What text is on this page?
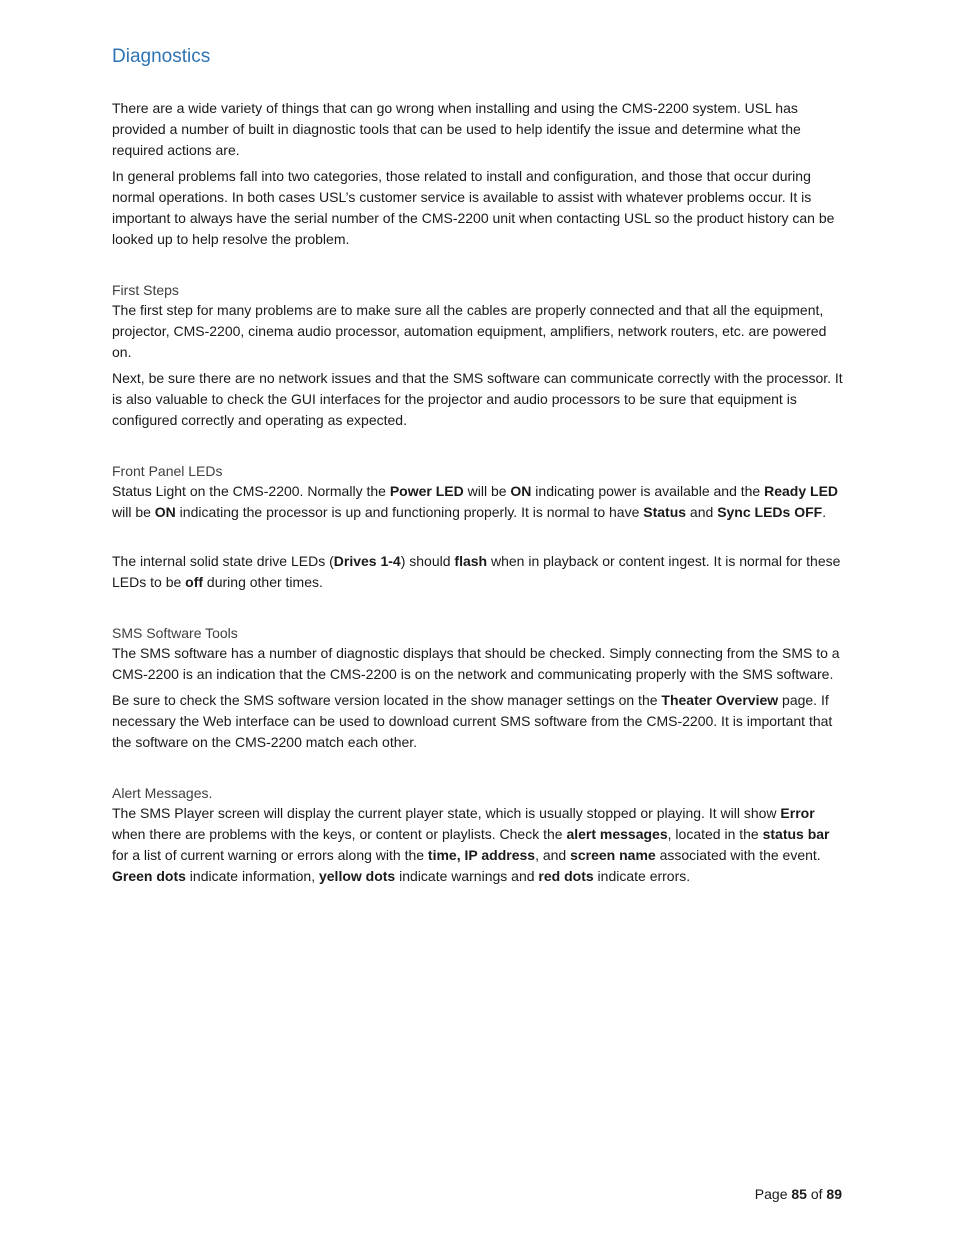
Diagnostics

There are a wide variety of things that can go wrong when installing and using the CMS-2200 system. USL has provided a number of built in diagnostic tools that can be used to help identify the issue and determine what the required actions are.

In general problems fall into two categories, those related to install and configuration, and those that occur during normal operations. In both cases USL’s customer service is available to assist with whatever problems occur. It is important to always have the serial number of the CMS-2200 unit when contacting USL so the product history can be looked up to help resolve the problem.

First Steps

The first step for many problems are to make sure all the cables are properly connected and that all the equipment, projector, CMS-2200, cinema audio processor, automation equipment, amplifiers, network routers, etc. are powered on.

Next, be sure there are no network issues and that the SMS software can communicate correctly with the processor. It is also valuable to check the GUI interfaces for the projector and audio processors to be sure that equipment is configured correctly and operating as expected.

Front Panel LEDs

Status Light on the CMS-2200. Normally the Power LED will be ON indicating power is available and the Ready LED will be ON indicating the processor is up and functioning properly. It is normal to have Status and Sync LEDs OFF.

The internal solid state drive LEDs (Drives 1-4) should flash when in playback or content ingest. It is normal for these LEDs to be off during other times.

SMS Software Tools

The SMS software has a number of diagnostic displays that should be checked. Simply connecting from the SMS to a CMS-2200 is an indication that the CMS-2200 is on the network and communicating properly with the SMS software.

Be sure to check the SMS software version located in the show manager settings on the Theater Overview page. If necessary the Web interface can be used to download current SMS software from the CMS-2200. It is important that the software on the CMS-2200 match each other.

Alert Messages.

The SMS Player screen will display the current player state, which is usually stopped or playing. It will show Error when there are problems with the keys, or content or playlists. Check the alert messages, located in the status bar for a list of current warning or errors along with the time, IP address, and screen name associated with the event. Green dots indicate information, yellow dots indicate warnings and red dots indicate errors.

Page 85 of 89
